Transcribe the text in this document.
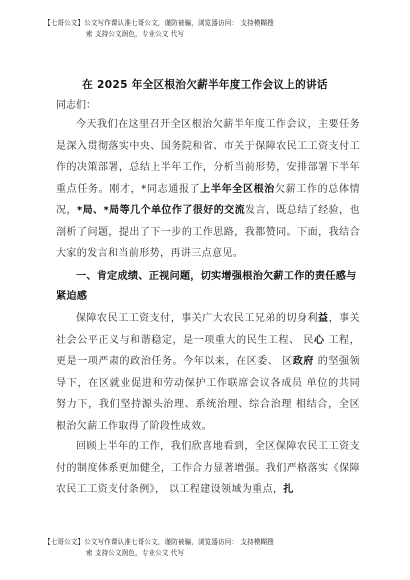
【七哥公文】公文写作课认准七哥公文，谨防被骗，浏览器访问： 支持模糊搜
索 支持公文润色，专业公文 代写
在 2025 年全区根治欠薪半年度工作会议上的讲话
同志们：
今天我们在这里召开全区根治欠薪半年度工作会议，主要任务是深入贯彻落实中央、国务院和省、市关于保障农民工工资支付工作的决策部署，总结上半年工作，分析当前形势，安排部署下半年重点任务。刚才，*同志通报了上半年全区根治欠薪工作的总体情况，*局、*局等几个单位作了很好的交流发言，既总结了经验，也剖析了问题，提出了下一步的工作思路，我都赞同。下面，我结合大家的发言和当前形势，再讲三点意见。
一、肯定成绩、正视问题，切实增强根治欠薪工作的责任感与紧迫感
保障农民工工资支付，事关广大农民工兄弟的切身利益，事关社会公平正义与和谐稳定，是一项重大的民生工程、 民心 工程，更是一项严肃的政治任务。今年以来，在区委、 区政府 的坚强领导下，在区就业促进和劳动保护工作联席会议各成员 单位的共同努力下，我们坚持源头治理、系统治理、综合治理 相结合，全区根治欠薪工作取得了阶段性成效。
回顾上半年的工作，我们欣喜地看到，全区保障农民工工资支付的制度体系更加健全，工作合力显著增强。我们严格落实《保障农民工工资支付条例》， 以工程建设领域为重点，扎
【七哥公文】公文写作课认准七哥公文，谨防被骗，浏览器访问： 支持模糊搜
索 支持公文润色，专业公文 代写
